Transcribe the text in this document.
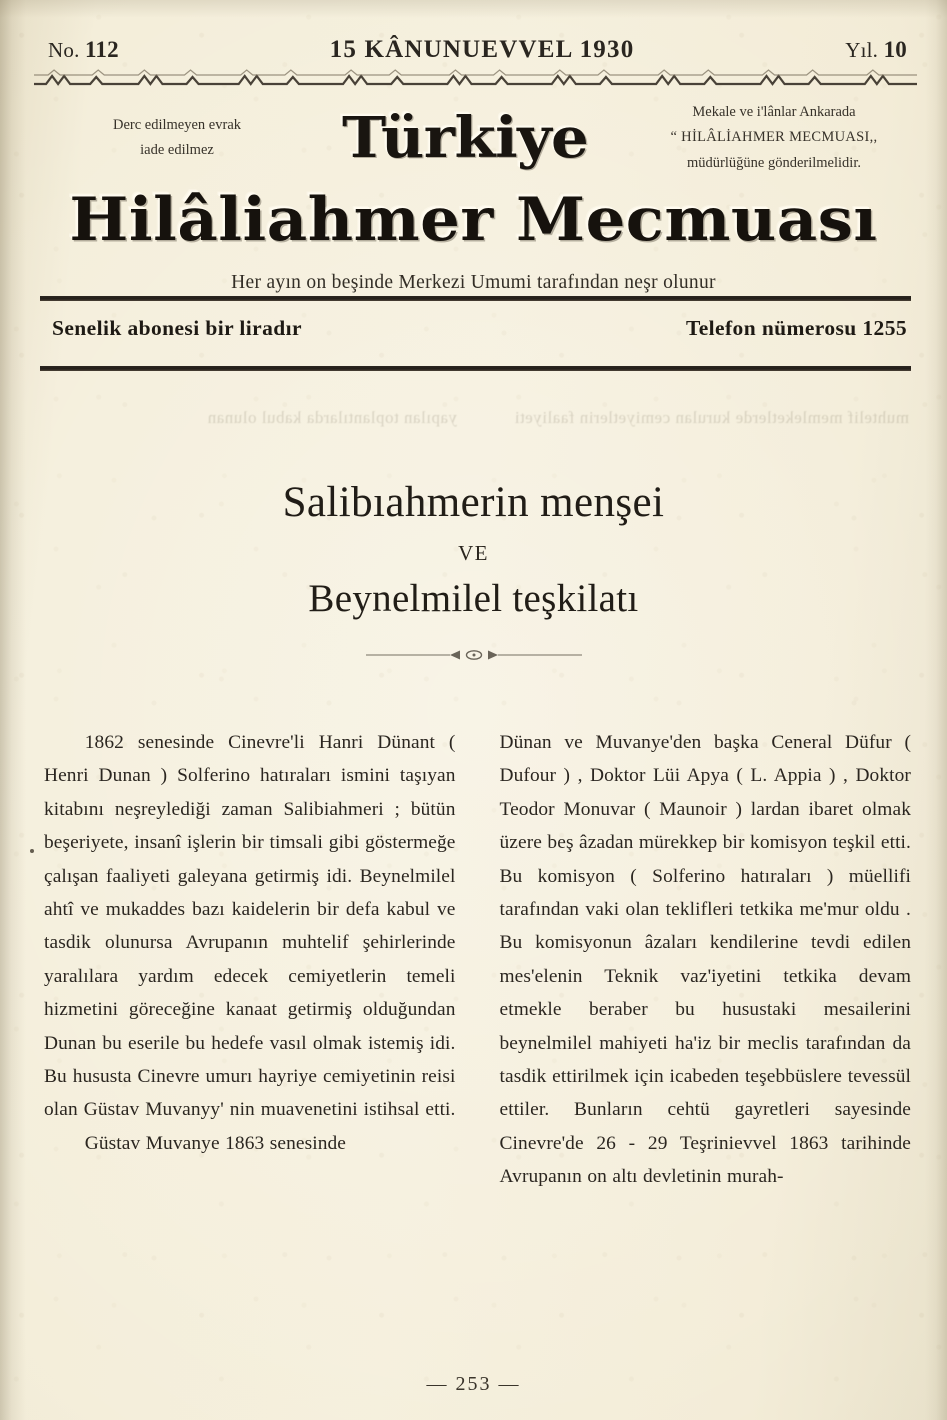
No. 112	15 KÂNUNUEVVEL 1930	Yıl. 10
Derc edilmeyen evrak
iade edilmez	Türkiye	Mekale ve i'lânlar Ankarada
“ HİLÂLİAHMER MECMUASI,,
müdürlüğüne gönderilmelidir.
Hilâliahmer Mecmuası
Her ayın on beşinde Merkezi Umumi tarafından neşr olunur
Senelik abonesi bir liradır	Telefon nümerosu 1255
muhtelif memleketlerde kurulan cemiyetlerin faaliyeti
yapılan toplantılarda kabul olunan
Salibıahmerin menşei
VE
Beynelmilel teşkilatı

1862 senesinde Cinevre'li Hanri Dünant ( Henri Dunan ) Solferino hatıraları ismini taşıyan kitabını neşreylediği zaman Salibiahmeri ; bütün beşeriyete, insanî işlerin bir timsali gibi göstermeğe çalışan faaliyeti galeyana getirmiş idi. Beynelmilel ahtî ve mukaddes bazı kaidelerin bir defa kabul ve tasdik olunursa Avrupanın muhtelif şehirlerinde yaralılara yardım edecek cemiyetlerin temeli hizmetini göreceğine kanaat getirmiş olduğundan Dunan bu eserile bu hedefe vasıl olmak istemiş idi. Bu hususta Cinevre umurı hayriye cemiyetinin reisi olan Güstav Muvanyy' nin muavenetini istihsal etti.

Güstav Muvanye 1863 senesinde

Dünan ve Muvanye'den başka Ceneral Düfur ( Dufour ) , Doktor Lüi Apya ( L. Appia ) , Doktor Teodor Monuvar ( Maunoir ) lardan ibaret olmak üzere beş âzadan mürekkep bir komisyon teşkil etti. Bu komisyon ( Solferino hatıraları ) müellifi tarafından vaki olan teklifleri tetkika me'mur oldu . Bu komisyonun âzaları kendilerine tevdi edilen mes'elenin Teknik vaz'iyetini tetkika devam etmekle beraber bu husustaki mesailerini beynelmilel mahiyeti ha'iz bir meclis tarafından da tasdik ettirilmek için icabeden teşebbüslere tevessül ettiler. Bunların cehtü gayretleri sayesinde Cinevre'de 26 - 29 Teşrinievvel 1863 tarihinde Avrupanın on altı devletinin murah-

— 253 —
